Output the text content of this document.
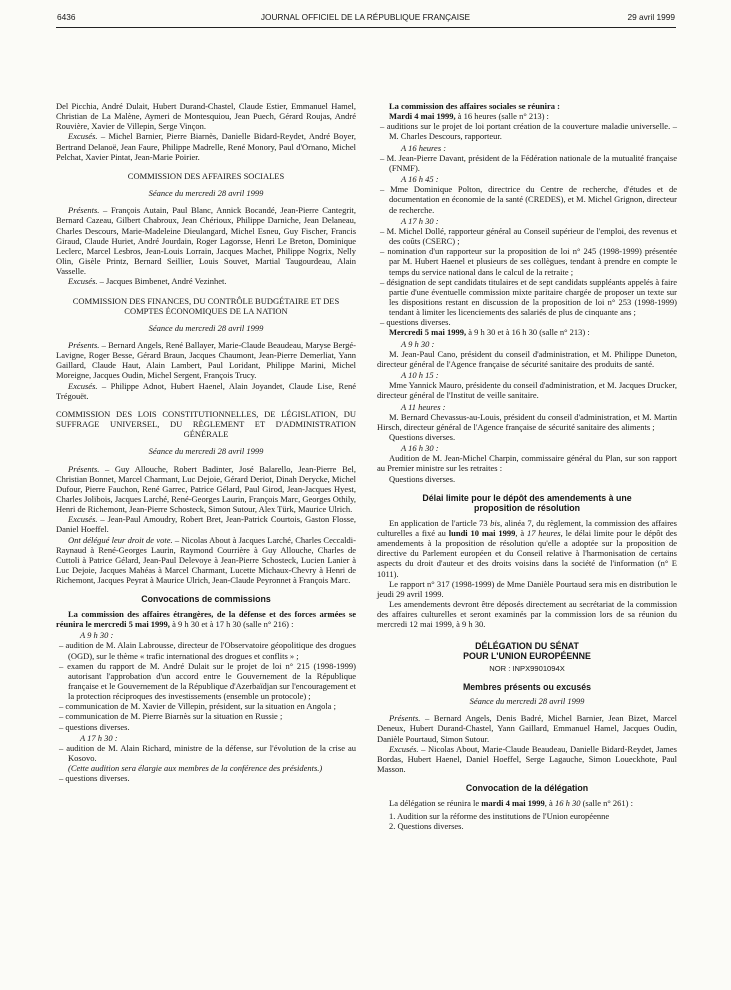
6436	JOURNAL OFFICIEL DE LA RÉPUBLIQUE FRANÇAISE	29 avril 1999

Del Picchia, André Dulait, Hubert Durand-Chastel, Claude Estier, Emmanuel Hamel, Christian de La Malène, Aymeri de Montesquiou, Jean Puech, Gérard Roujas, André Rouvière, Xavier de Villepin, Serge Vinçon.

Excusés. – Michel Barnier, Pierre Biarnès, Danielle Bidard-Reydet, André Boyer, Bertrand Delanoë, Jean Faure, Philippe Madrelle, René Monory, Paul d'Ornano, Michel Pelchat, Xavier Pintat, Jean-Marie Poirier.

COMMISSION DES AFFAIRES SOCIALES

Séance du mercredi 28 avril 1999

Présents. – François Autain, Paul Blanc, Annick Bocandé, Jean-Pierre Cantegrit, Bernard Cazeau, Gilbert Chabroux, Jean Chérioux, Philippe Darniche, Jean Delaneau, Charles Descours, Marie-Madeleine Dieulangard, Michel Esneu, Guy Fischer, Francis Giraud, Claude Huriet, André Jourdain, Roger Lagorsse, Henri Le Breton, Dominique Leclerc, Marcel Lesbros, Jean-Louis Lorrain, Jacques Machet, Philippe Nogrix, Nelly Olin, Gisèle Printz, Bernard Seillier, Louis Souvet, Martial Taugourdeau, Alain Vasselle.

Excusés. – Jacques Bimbenet, André Vezinhet.

COMMISSION DES FINANCES, DU CONTRÔLE BUDGÉTAIRE ET DES COMPTES ÉCONOMIQUES DE LA NATION

Séance du mercredi 28 avril 1999

Présents. – Bernard Angels, René Ballayer, Marie-Claude Beaudeau, Maryse Bergé-Lavigne, Roger Besse, Gérard Braun, Jacques Chaumont, Jean-Pierre Demerliat, Yann Gaillard, Claude Haut, Alain Lambert, Paul Loridant, Philippe Marini, Michel Moreigne, Jacques Oudin, Michel Sergent, François Trucy.

Excusés. – Philippe Adnot, Hubert Haenel, Alain Joyandet, Claude Lise, René Trégouët.

COMMISSION DES LOIS CONSTITUTIONNELLES, DE LÉGISLATION, DU SUFFRAGE UNIVERSEL, DU RÈGLEMENT ET D'ADMINISTRATION GÉNÉRALE

Séance du mercredi 28 avril 1999

Présents. – Guy Allouche, Robert Badinter, José Balarello, Jean-Pierre Bel, Christian Bonnet, Marcel Charmant, Luc Dejoie, Gérard Deriot, Dinah Derycke, Michel Dufour, Pierre Fauchon, René Garrec, Patrice Gélard, Paul Girod, Jean-Jacques Hyest, Charles Jolibois, Jacques Larché, René-Georges Laurin, François Marc, Georges Othily, Henri de Richemont, Jean-Pierre Schosteck, Simon Sutour, Alex Türk, Maurice Ulrich.

Excusés. – Jean-Paul Amoudry, Robert Bret, Jean-Patrick Courtois, Gaston Flosse, Daniel Hoeffel.

Ont délégué leur droit de vote. – Nicolas About à Jacques Larché, Charles Ceccaldi-Raynaud à René-Georges Laurin, Raymond Courrière à Guy Allouche, Charles de Cuttoli à Patrice Gélard, Jean-Paul Delevoye à Jean-Pierre Schosteck, Lucien Lanier à Luc Dejoie, Jacques Mahéas à Marcel Charmant, Lucette Michaux-Chevry à Henri de Richemont, Jacques Peyrat à Maurice Ulrich, Jean-Claude Peyronnet à François Marc.

Convocations de commissions

La commission des affaires étrangères, de la défense et des forces armées se réunira le mercredi 5 mai 1999, à 9 h 30 et à 17 h 30 (salle n° 216) :

A 9 h 30 :

– audition de M. Alain Labrousse, directeur de l'Observatoire géopolitique des drogues (OGD), sur le thème « trafic international des drogues et conflits » ;

– examen du rapport de M. André Dulait sur le projet de loi n° 215 (1998-1999) autorisant l'approbation d'un accord entre le Gouvernement de la République française et le Gouvernement de la République d'Azerbaïdjan sur l'encouragement et la protection réciproques des investissements (ensemble un protocole) ;

– communication de M. Xavier de Villepin, président, sur la situation en Angola ;

– communication de M. Pierre Biarnès sur la situation en Russie ;

– questions diverses.

A 17 h 30 :

– audition de M. Alain Richard, ministre de la défense, sur l'évolution de la crise au Kosovo.

(Cette audition sera élargie aux membres de la conférence des présidents.)

– questions diverses.

La commission des affaires sociales se réunira :

Mardi 4 mai 1999, à 16 heures (salle n° 213) :

– auditions sur le projet de loi portant création de la couverture maladie universelle. – M. Charles Descours, rapporteur.

A 16 heures :

– M. Jean-Pierre Davant, président de la Fédération nationale de la mutualité française (FNMF).

A 16 h 45 :

– Mme Dominique Polton, directrice du Centre de recherche, d'études et de documentation en économie de la santé (CREDES), et M. Michel Grignon, directeur de recherche.

A 17 h 30 :

– M. Michel Dollé, rapporteur général au Conseil supérieur de l'emploi, des revenus et des coûts (CSERC) ;

– nomination d'un rapporteur sur la proposition de loi n° 245 (1998-1999) présentée par M. Hubert Haenel et plusieurs de ses collègues, tendant à prendre en compte le temps du service national dans le calcul de la retraite ;

– désignation de sept candidats titulaires et de sept candidats suppléants appelés à faire partie d'une éventuelle commission mixte paritaire chargée de proposer un texte sur les dispositions restant en discussion de la proposition de loi n° 253 (1998-1999) tendant à limiter les licenciements des salariés de plus de cinquante ans ;

– questions diverses.

Mercredi 5 mai 1999, à 9 h 30 et à 16 h 30 (salle n° 213) :

A 9 h 30 :

M. Jean-Paul Cano, président du conseil d'administration, et M. Philippe Duneton, directeur général de l'Agence française de sécurité sanitaire des produits de santé.

A 10 h 15 :

Mme Yannick Mauro, présidente du conseil d'administration, et M. Jacques Drucker, directeur général de l'Institut de veille sanitaire.

A 11 heures :

M. Bernard Chevassus-au-Louis, président du conseil d'administration, et M. Martin Hirsch, directeur général de l'Agence française de sécurité sanitaire des aliments ;

Questions diverses.

A 16 h 30 :

Audition de M. Jean-Michel Charpin, commissaire général du Plan, sur son rapport au Premier ministre sur les retraites :

Questions diverses.

Délai limite pour le dépôt des amendements à une proposition de résolution

En application de l'article 73 bis, alinéa 7, du règlement, la commission des affaires culturelles a fixé au lundi 10 mai 1999, à 17 heures, le délai limite pour le dépôt des amendements à la proposition de résolution qu'elle a adoptée sur la proposition de directive du Parlement européen et du Conseil relative à l'harmonisation de certains aspects du droit d'auteur et des droits voisins dans la société de l'information (n° E 1011).

Le rapport n° 317 (1998-1999) de Mme Danièle Pourtaud sera mis en distribution le jeudi 29 avril 1999.

Les amendements devront être déposés directement au secrétariat de la commission des affaires culturelles et seront examinés par la commission lors de sa réunion du mercredi 12 mai 1999, à 9 h 30.

DÉLÉGATION DU SÉNAT

POUR L'UNION EUROPÉENNE

NOR : INPX9901094X

Membres présents ou excusés

Séance du mercredi 28 avril 1999

Présents. – Bernard Angels, Denis Badré, Michel Barnier, Jean Bizet, Marcel Deneux, Hubert Durand-Chastel, Yann Gaillard, Emmanuel Hamel, Jacques Oudin, Danièle Pourtaud, Simon Sutour.

Excusés. – Nicolas About, Marie-Claude Beaudeau, Danielle Bidard-Reydet, James Bordas, Hubert Haenel, Daniel Hoeffel, Serge Lagauche, Simon Loueckhote, Paul Masson.

Convocation de la délégation

La délégation se réunira le mardi 4 mai 1999, à 16 h 30 (salle n° 261) :

1. Audition sur la réforme des institutions de l'Union européenne

2. Questions diverses.
